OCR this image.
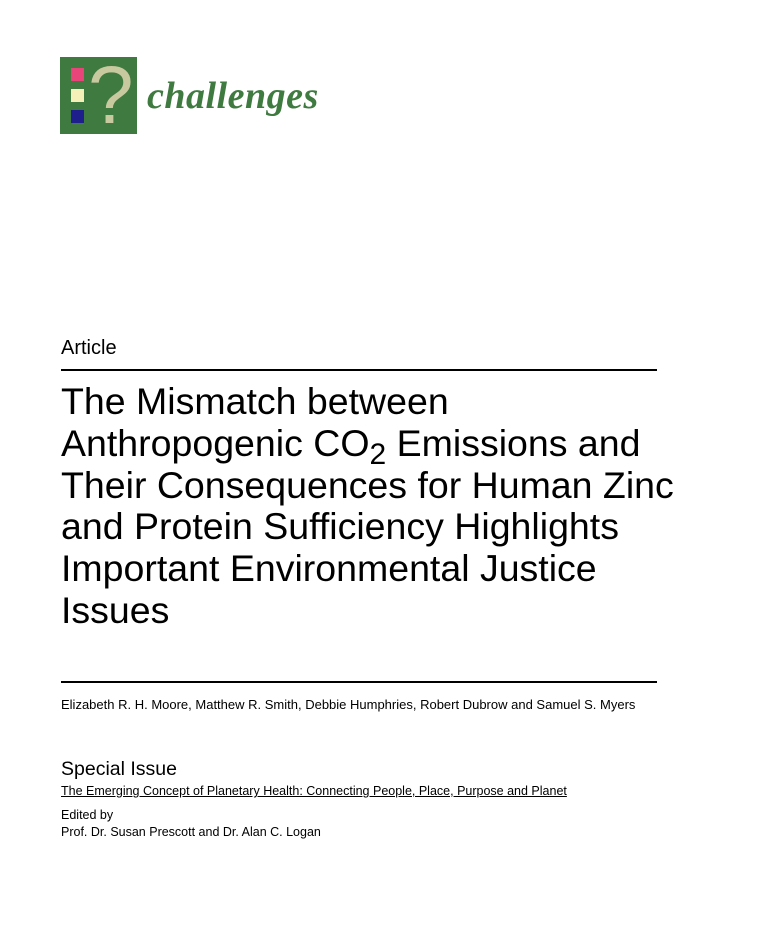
? challenges
Article
The Mismatch between Anthropogenic $CO_2$ Emissions and Their Consequences for Human Zinc and Protein Sufficiency Highlights Important Environmental Justice Issues
Elizabeth R. H. Moore, Matthew R. Smith, Debbie Humphries, Robert Dubrow and Samuel S. Myers
Special Issue
The Emerging Concept of Planetary Health: Connecting People, Place, Purpose and Planet
Edited by
Prof. Dr. Susan Prescott and Dr. Alan C. Logan
